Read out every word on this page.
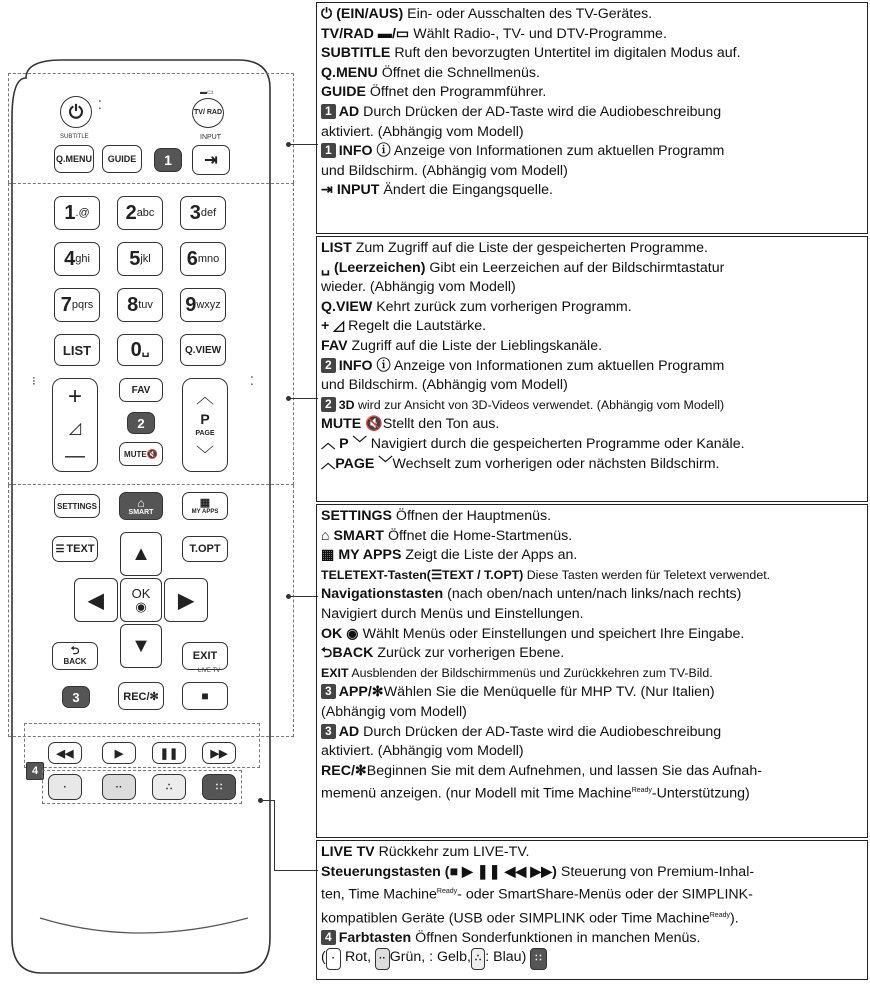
⏻ ⁚
TV/ RAD
▬▭
SUBTITLE	INPUT
Q.MENU GUIDE 1 ⇥
1 .@ 2 abc 3 def
4 ghi 5 jkl 6 mno
7 pqrs 8 tuv 9 wxyz
LIST 0 ␣	Q.VIEW
⁝
+
◿
—
FAV
2
MUTE 🔇
⁚
︿
P
PAGE
﹀
SETTINGS	⌂
SMART
▦
MY APPS
☰ TEXT	T.OPT
▲
◀ OK
◉ ▶
▼
⮌
BACK	EXIT
3	REC/✻
LIVE TV
■
◀◀	▶	❚❚	▶▶
4
·	··	∴	∷

⏻ (EIN/AUS) Ein- oder Ausschalten des TV-Gerätes.

TV/RAD ▬/▭ Wählt Radio-, TV- und DTV-Programme.

SUBTITLE Ruft den bevorzugten Untertitel im digitalen Modus auf.

Q.MENU Öffnet die Schnellmenüs.

GUIDE Öffnet den Programmführer.

1 AD Durch Drücken der AD-Taste wird die Audiobeschreibung

aktiviert. (Abhängig vom Modell)

1 INFO ⓘ Anzeige von Informationen zum aktuellen Programm

und Bildschirm. (Abhängig vom Modell)

⇥ INPUT Ändert die Eingangsquelle.

LIST Zum Zugriff auf die Liste der gespeicherten Programme.

␣ (Leerzeichen) Gibt ein Leerzeichen auf der Bildschirmtastatur

wieder. (Abhängig vom Modell)

Q.VIEW Kehrt zurück zum vorherigen Programm.

+ ◿ Regelt die Lautstärke.

FAV Zugriff auf die Liste der Lieblingskanäle.

2 INFO ⓘ Anzeige von Informationen zum aktuellen Programm

und Bildschirm. (Abhängig vom Modell)

2 3D wird zur Ansicht von 3D-Videos verwendet. (Abhängig vom Modell)

MUTE 🔇Stellt den Ton aus.

︿ P ﹀ Navigiert durch die gespeicherten Programme oder Kanäle.

︿PAGE ﹀Wechselt zum vorherigen oder nächsten Bildschirm.

SETTINGS Öffnen der Hauptmenüs.

⌂ SMART Öffnet die Home-Startmenüs.

▦ MY APPS Zeigt die Liste der Apps an.

TELETEXT-Tasten(☰TEXT / T.OPT) Diese Tasten werden für Teletext verwendet.

Navigationstasten (nach oben/nach unten/nach links/nach rechts)

Navigiert durch Menüs und Einstellungen.

OK ◉ Wählt Menüs oder Einstellungen und speichert Ihre Eingabe.

⮌BACK Zurück zur vorherigen Ebene.

EXIT Ausblenden der Bildschirmmenüs und Zurückkehren zum TV-Bild.

3 APP/✻Wählen Sie die Menüquelle für MHP TV. (Nur Italien)

(Abhängig vom Modell)

3 AD Durch Drücken der AD-Taste wird die Audiobeschreibung

aktiviert. (Abhängig vom Modell)

REC/✻Beginnen Sie mit dem Aufnehmen, und lassen Sie das Aufnah-

memenü anzeigen. (nur Modell mit Time Machine$^{Ready}$-Unterstützung)

LIVE TV Rückkehr zum LIVE-TV.

Steuerungstasten (■ ▶ ❚❚ ◀◀ ▶▶) Steuerung von Premium-Inhal-

ten, Time Machine$^{Ready}$- oder SmartShare-Menüs oder der SIMPLINK-

kompatiblen Geräte (USB oder SIMPLINK oder Time Machine$^{Ready}$).

4 Farbtasten Öffnen Sonderfunktionen in manchen Menüs.

( · Rot, ·· Grün, : Gelb, ∴ : Blau) ∷
